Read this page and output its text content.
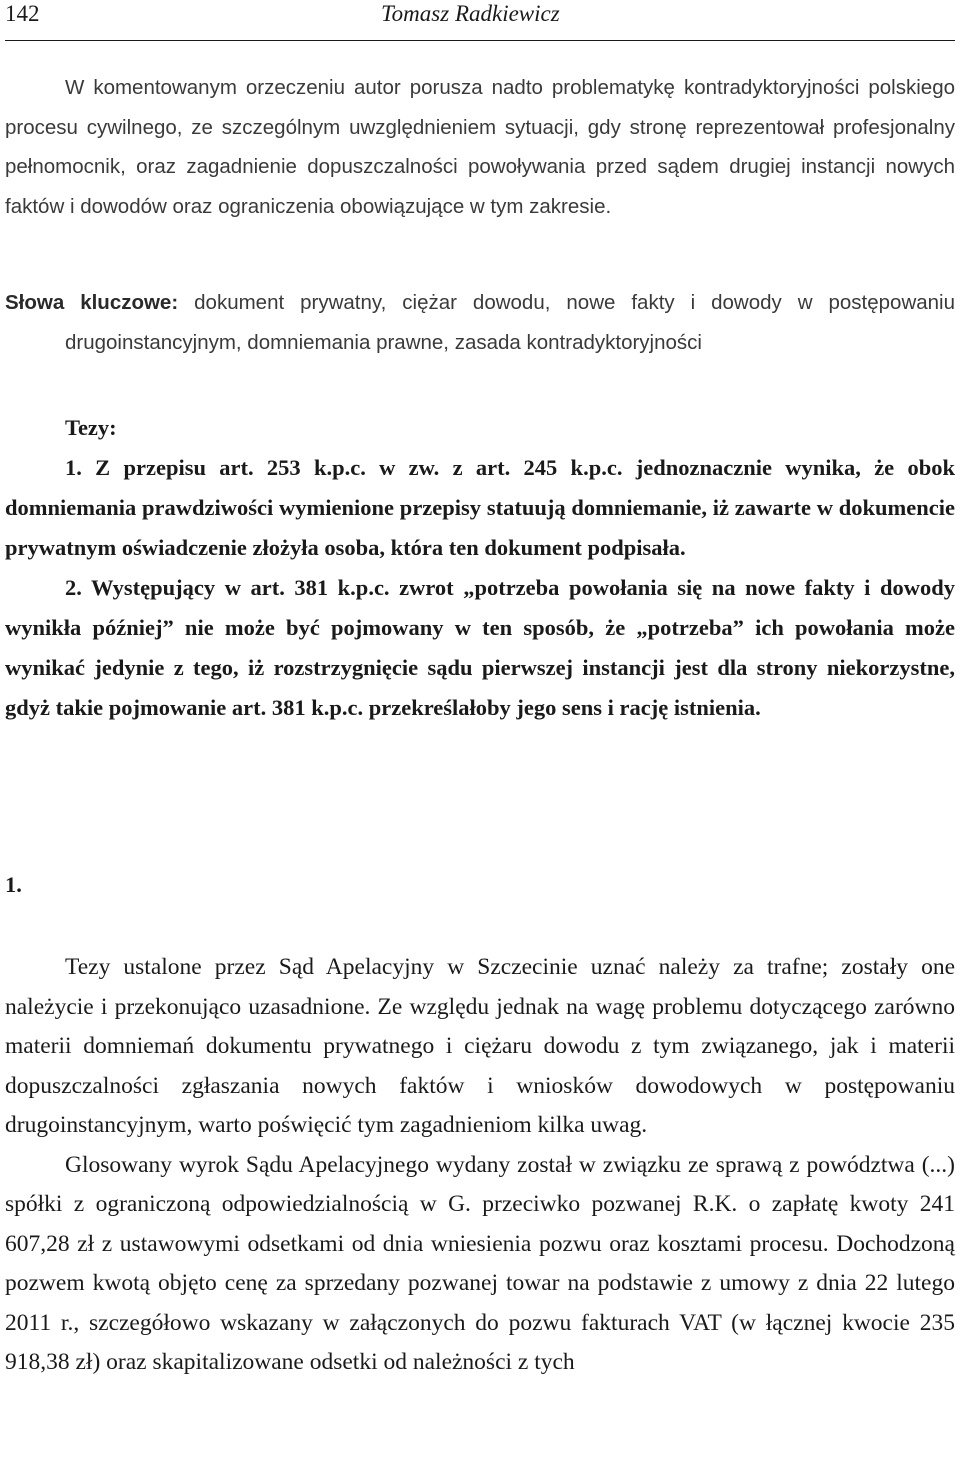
142	Tomasz Radkiewicz

W komentowanym orzeczeniu autor porusza nadto problematykę kontradyktoryjności polskiego procesu cywilnego, ze szczególnym uwzględnieniem sytuacji, gdy stronę reprezentował profesjonalny pełnomocnik, oraz zagadnienie dopuszczalności powoływania przed sądem drugiej instancji nowych faktów i dowodów oraz ograniczenia obowiązujące w tym zakresie.

Słowa kluczowe: dokument prywatny, ciężar dowodu, nowe fakty i dowody w postępowaniu drugoinstancyjnym, domniemania prawne, zasada kontradyktoryjności

Tezy:

1. Z przepisu art. 253 k.p.c. w zw. z art. 245 k.p.c. jednoznacznie wynika, że obok domniemania prawdziwości wymienione przepisy statuują domniemanie, iż zawarte w dokumencie prywatnym oświadczenie złożyła osoba, która ten dokument podpisała.

2. Występujący w art. 381 k.p.c. zwrot „potrzeba powołania się na nowe fakty i dowody wynikła później” nie może być pojmowany w ten sposób, że „potrzeba” ich powołania może wynikać jedynie z tego, iż rozstrzygnięcie sądu pierwszej instancji jest dla strony niekorzystne, gdyż takie pojmowanie art. 381 k.p.c. przekreślałoby jego sens i rację istnienia.

1.

Tezy ustalone przez Sąd Apelacyjny w Szczecinie uznać należy za trafne; zostały one należycie i przekonująco uzasadnione. Ze względu jednak na wagę problemu dotyczącego zarówno materii domniemań dokumentu prywatnego i ciężaru dowodu z tym związanego, jak i materii dopuszczalności zgłaszania nowych faktów i wniosków dowodowych w postępowaniu drugoinstancyjnym, warto poświęcić tym zagadnieniom kilka uwag.

Glosowany wyrok Sądu Apelacyjnego wydany został w związku ze sprawą z powództwa (...) spółki z ograniczoną odpowiedzialnością w G. przeciwko pozwanej R.K. o zapłatę kwoty 241 607,28 zł z ustawowymi odsetkami od dnia wniesienia pozwu oraz kosztami procesu. Dochodzoną pozwem kwotą objęto cenę za sprzedany pozwanej towar na podstawie z umowy z dnia 22 lutego 2011 r., szczegółowo wskazany w załączonych do pozwu fakturach VAT (w łącznej kwocie 235 918,38 zł) oraz skapitalizowane odsetki od należności z tych
